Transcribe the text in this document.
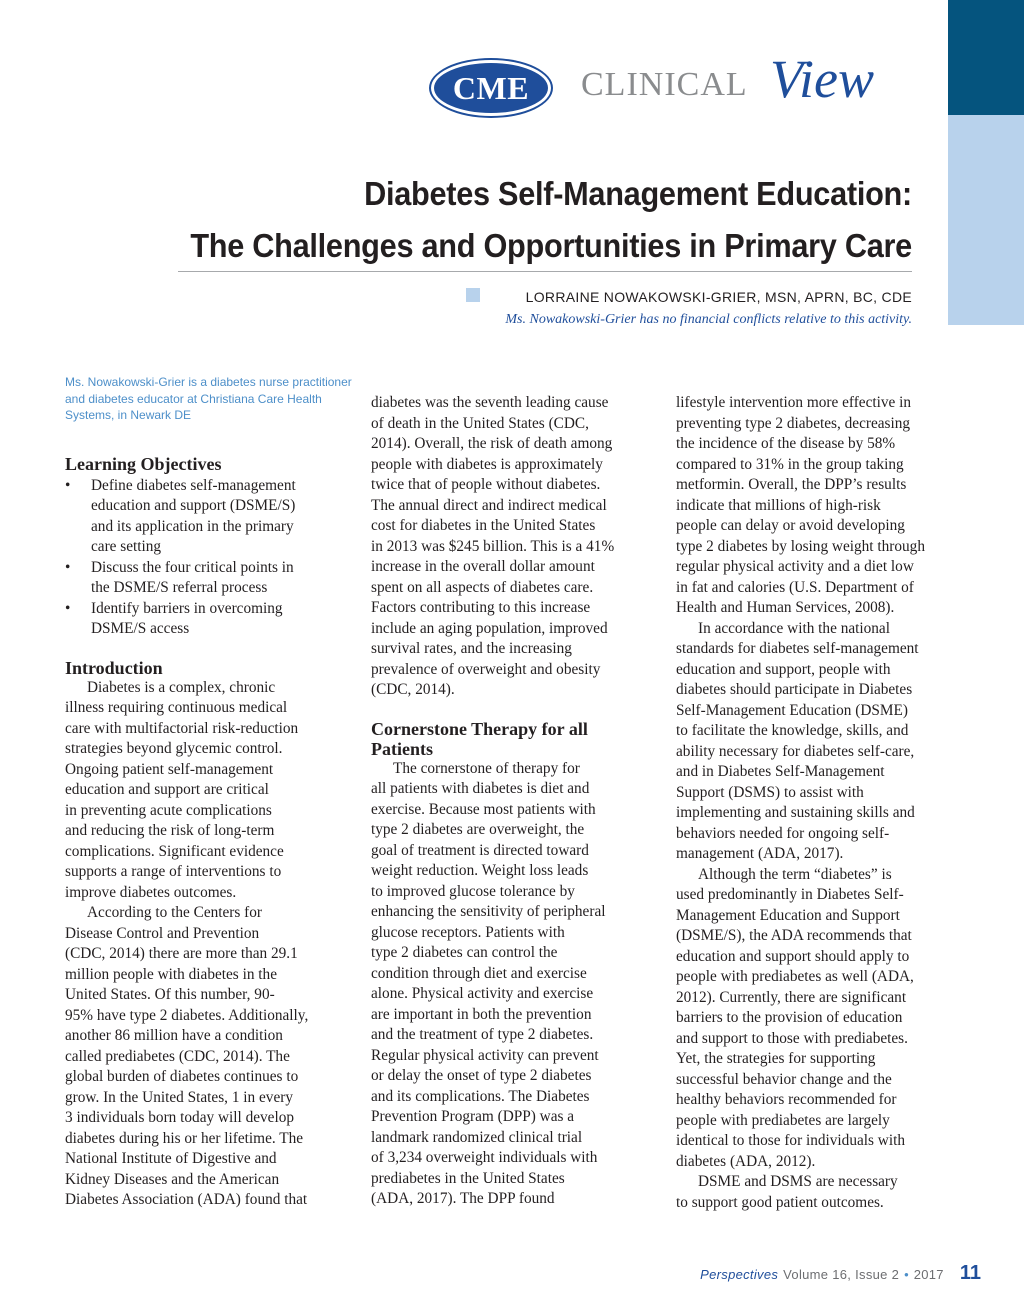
CME CLINICAL View
Diabetes Self-Management Education:
The Challenges and Opportunities in Primary Care
LORRAINE NOWAKOWSKI-GRIER, MSN, APRN, BC, CDE
Ms. Nowakowski-Grier has no financial conflicts relative to this activity.
Ms. Nowakowski-Grier is a diabetes nurse practitioner
and diabetes educator at Christiana Care Health
Systems, in Newark DE
Learning Objectives
• Define diabetes self-management
education and support (DSME/S)
and its application in the primary
care setting
• Discuss the four critical points in
the DSME/S referral process
• Identify barriers in overcoming
DSME/S access
Introduction
Diabetes is a complex, chronic
illness requiring continuous medical
care with multifactorial risk-reduction
strategies beyond glycemic control.
Ongoing patient self-management
education and support are critical
in preventing acute complications
and reducing the risk of long-term
complications. Significant evidence
supports a range of interventions to
improve diabetes outcomes.
According to the Centers for
Disease Control and Prevention
(CDC, 2014) there are more than 29.1
million people with diabetes in the
United States. Of this number, 90-
95% have type 2 diabetes. Additionally,
another 86 million have a condition
called prediabetes (CDC, 2014). The
global burden of diabetes continues to
grow. In the United States, 1 in every
3 individuals born today will develop
diabetes during his or her lifetime. The
National Institute of Digestive and
Kidney Diseases and the American
Diabetes Association (ADA) found that
diabetes was the seventh leading cause
of death in the United States (CDC,
2014). Overall, the risk of death among
people with diabetes is approximately
twice that of people without diabetes.
The annual direct and indirect medical
cost for diabetes in the United States
in 2013 was $245 billion. This is a 41%
increase in the overall dollar amount
spent on all aspects of diabetes care.
Factors contributing to this increase
include an aging population, improved
survival rates, and the increasing
prevalence of overweight and obesity
(CDC, 2014).
Cornerstone Therapy for all
Patients
The cornerstone of therapy for
all patients with diabetes is diet and
exercise. Because most patients with
type 2 diabetes are overweight, the
goal of treatment is directed toward
weight reduction. Weight loss leads
to improved glucose tolerance by
enhancing the sensitivity of peripheral
glucose receptors. Patients with
type 2 diabetes can control the
condition through diet and exercise
alone. Physical activity and exercise
are important in both the prevention
and the treatment of type 2 diabetes.
Regular physical activity can prevent
or delay the onset of type 2 diabetes
and its complications. The Diabetes
Prevention Program (DPP) was a
landmark randomized clinical trial
of 3,234 overweight individuals with
prediabetes in the United States
(ADA, 2017). The DPP found
lifestyle intervention more effective in
preventing type 2 diabetes, decreasing
the incidence of the disease by 58%
compared to 31% in the group taking
metformin. Overall, the DPP’s results
indicate that millions of high-risk
people can delay or avoid developing
type 2 diabetes by losing weight through
regular physical activity and a diet low
in fat and calories (U.S. Department of
Health and Human Services, 2008).
In accordance with the national
standards for diabetes self-management
education and support, people with
diabetes should participate in Diabetes
Self-Management Education (DSME)
to facilitate the knowledge, skills, and
ability necessary for diabetes self-care,
and in Diabetes Self-Management
Support (DSMS) to assist with
implementing and sustaining skills and
behaviors needed for ongoing self-
management (ADA, 2017).
Although the term “diabetes” is
used predominantly in Diabetes Self-
Management Education and Support
(DSME/S), the ADA recommends that
education and support should apply to
people with prediabetes as well (ADA,
2012). Currently, there are significant
barriers to the provision of education
and support to those with prediabetes.
Yet, the strategies for supporting
successful behavior change and the
healthy behaviors recommended for
people with prediabetes are largely
identical to those for individuals with
diabetes (ADA, 2012).
DSME and DSMS are necessary
to support good patient outcomes.
Perspectives Volume 16, Issue 2 • 2017 11
